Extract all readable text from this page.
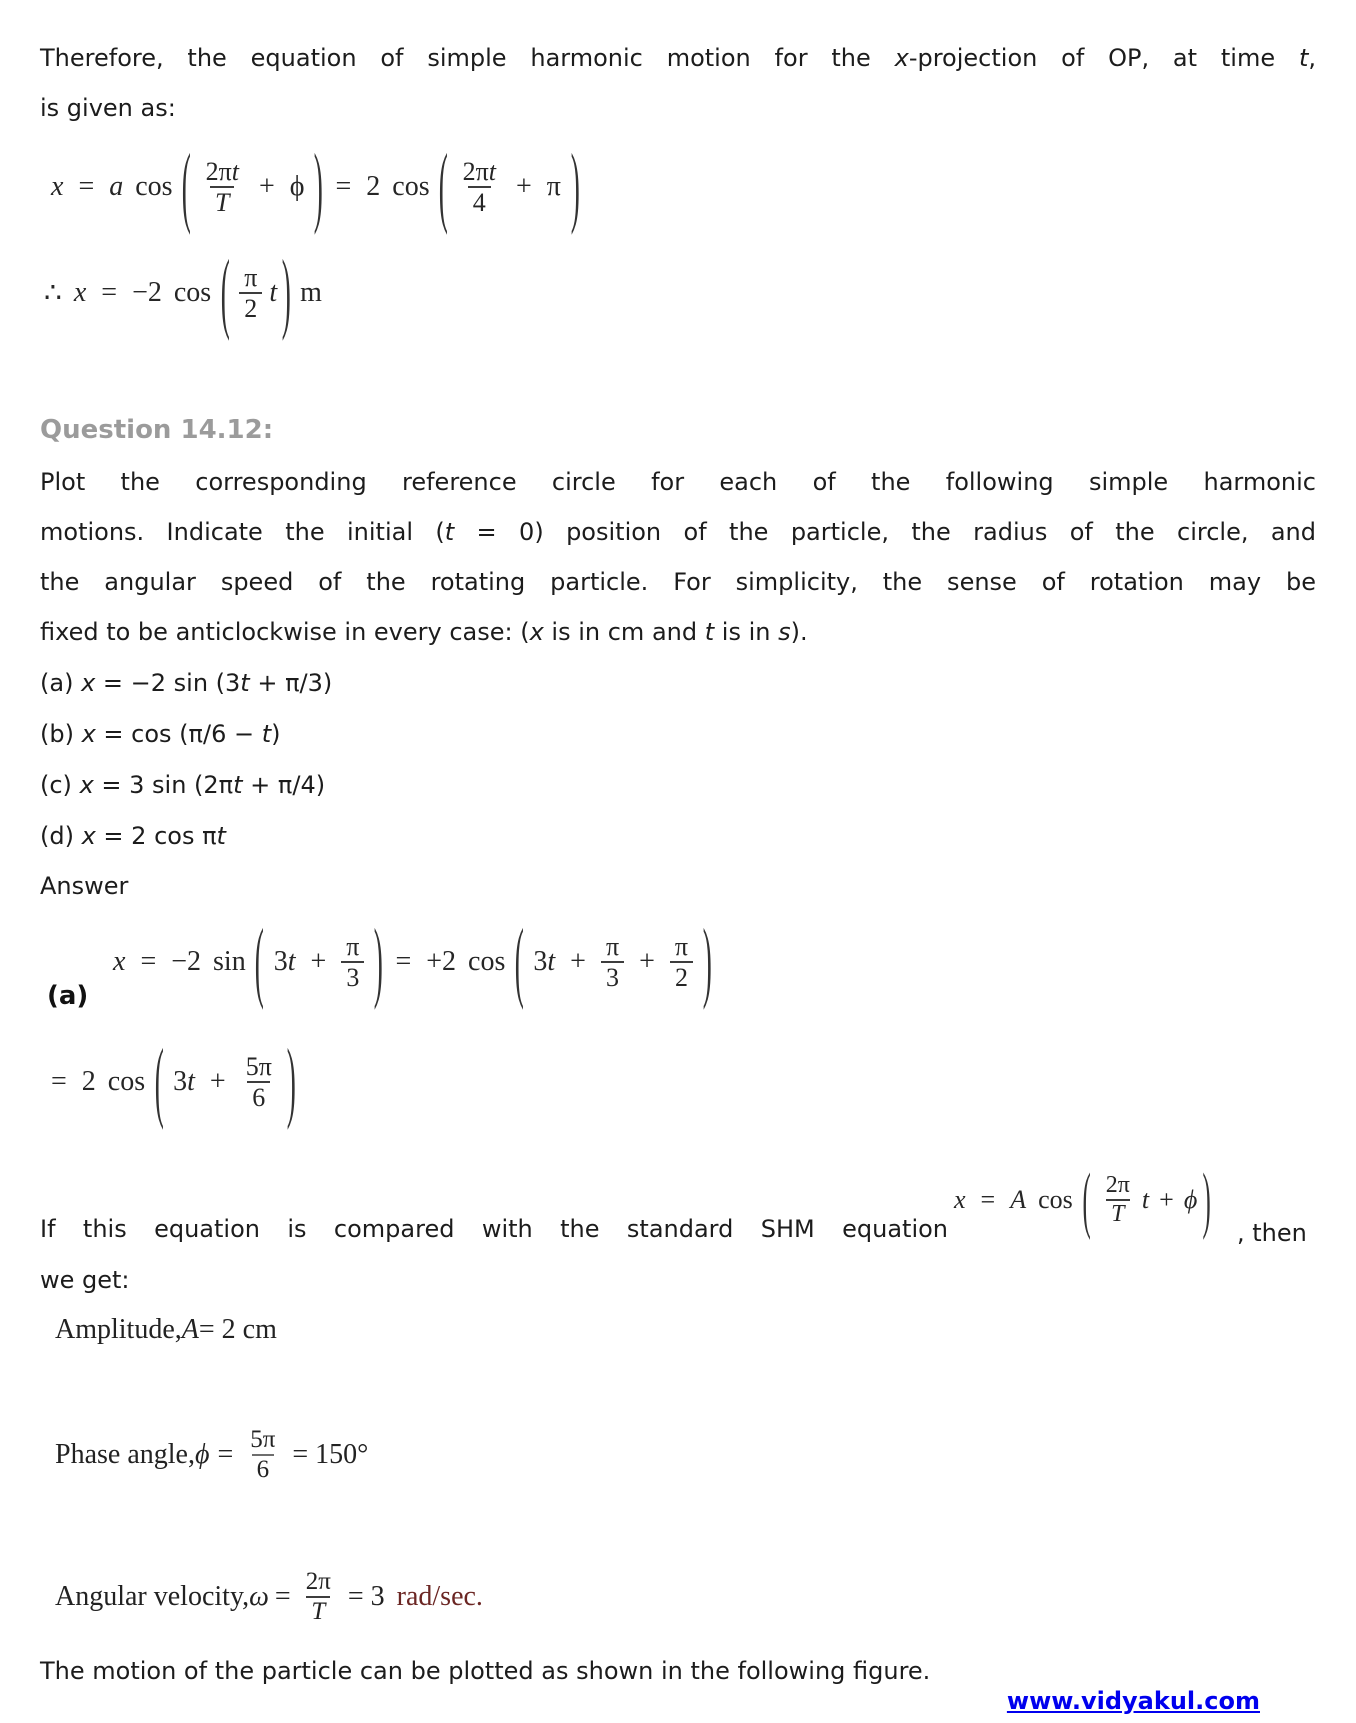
Therefore, the equation of simple harmonic motion for the x-projection of OP, at time t,
is given as:
x = a cos ( $\frac{2\pi t}{T} + \phi$ ) = 2 cos ( $\frac{2\pi t}{4} + \pi$ )
∴ x = −2 cos ( $\frac{\pi}{2}$ t ) m
Question 14.12:
Plot the corresponding reference circle for each of the following simple harmonic
motions. Indicate the initial (t = 0) position of the particle, the radius of the circle, and
the angular speed of the rotating particle. For simplicity, the sense of rotation may be
fixed to be anticlockwise in every case: (x is in cm and t is in s).
(a) x = −2 sin (3t + π/3)
(b) x = cos (π/6 − t)
(c) x = 3 sin (2πt + π/4)
(d) x = 2 cos πt
Answer
x = −2 sin ( $3t + \frac{\pi}{3}$ ) = +2 cos ( $3t + \frac{\pi}{3} + \frac{\pi}{2}$ )
(a)
= 2 cos ( $3t + \frac{5\pi}{6}$ )
If this equation is compared with the standard SHM equation
x = A cos ( $\frac{2\pi}{T}$ t + ϕ ) , then
we get:
Amplitude, A = 2 cm
Phase angle, $\phi = \frac{5\pi}{6} = 150^\circ$
Angular velocity, $\omega = \frac{2\pi}{T} = 3$ rad/sec.
The motion of the particle can be plotted as shown in the following figure.
www.vidyakul.com
